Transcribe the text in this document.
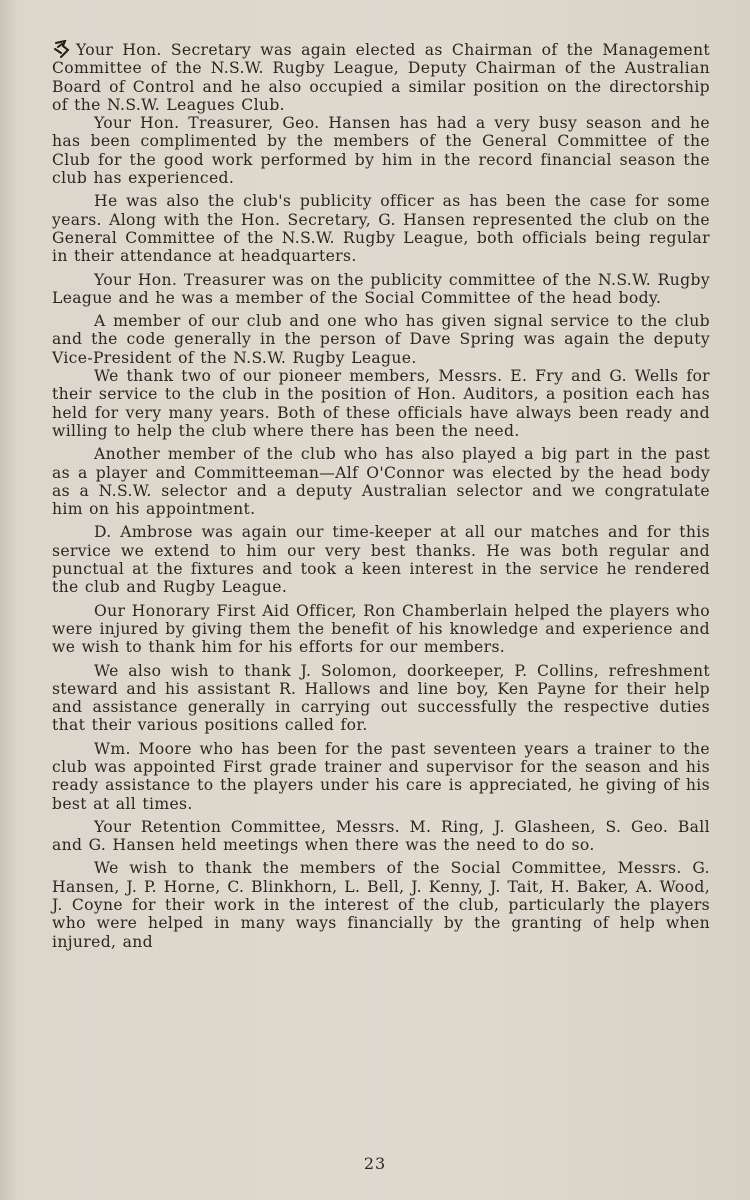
Your Hon. Secretary was again elected as Chairman of the Management Committee of the N.S.W. Rugby League, Deputy Chairman of the Australian Board of Control and he also occupied a similar position on the directorship of the N.S.W. Leagues Club.

Your Hon. Treasurer, Geo. Hansen has had a very busy season and he has been complimented by the members of the General Committee of the Club for the good work performed by him in the record financial season the club has experienced.

He was also the club's publicity officer as has been the case for some years. Along with the Hon. Secretary, G. Hansen represented the club on the General Committee of the N.S.W. Rugby League, both officials being regular in their attendance at headquarters.

Your Hon. Treasurer was on the publicity committee of the N.S.W. Rugby League and he was a member of the Social Committee of the head body.

A member of our club and one who has given signal service to the club and the code generally in the person of Dave Spring was again the deputy Vice-President of the N.S.W. Rugby League.

We thank two of our pioneer members, Messrs. E. Fry and G. Wells for their service to the club in the position of Hon. Auditors, a position each has held for very many years. Both of these officials have always been ready and willing to help the club where there has been the need.

Another member of the club who has also played a big part in the past as a player and Committeeman—Alf O'Connor was elected by the head body as a N.S.W. selector and a deputy Australian selector and we congratulate him on his appointment.

D. Ambrose was again our time-keeper at all our matches and for this service we extend to him our very best thanks. He was both regular and punctual at the fixtures and took a keen interest in the service he rendered the club and Rugby League.

Our Honorary First Aid Officer, Ron Chamberlain helped the players who were injured by giving them the benefit of his knowledge and experience and we wish to thank him for his efforts for our members.

We also wish to thank J. Solomon, doorkeeper, P. Collins, refreshment steward and his assistant R. Hallows and line boy, Ken Payne for their help and assistance generally in carrying out successfully the respective duties that their various positions called for.

Wm. Moore who has been for the past seventeen years a trainer to the club was appointed First grade trainer and supervisor for the season and his ready assistance to the players under his care is appreciated, he giving of his best at all times.

Your Retention Committee, Messrs. M. Ring, J. Glasheen, S. Geo. Ball and G. Hansen held meetings when there was the need to do so.

We wish to thank the members of the Social Committee, Messrs. G. Hansen, J. P. Horne, C. Blinkhorn, L. Bell, J. Kenny, J. Tait, H. Baker, A. Wood, J. Coyne for their work in the interest of the club, particularly the players who were helped in many ways financially by the granting of help when injured, and

23
